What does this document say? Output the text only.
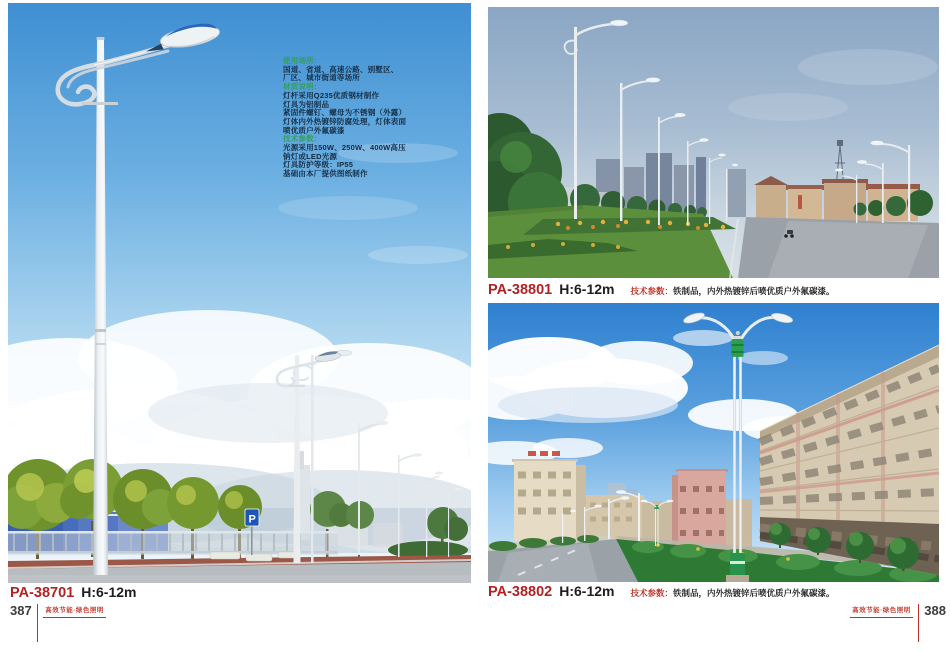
P
使用场所：
国道、省道、高速公路、别墅区、
厂区、城市街道等场所
材质说明：
灯杆采用Q235优质钢材制作
灯具为铝制品
紧固件螺钉、螺母为不锈钢（外露）
灯体内外热镀锌防腐处理，灯体表面
喷优质户外氟碳漆
技术参数：
光源采用150W、250W、400W高压
钠灯或LED光源
灯具防护等级：IP55
基础由本厂提供图纸制作
PA-38701 H:6-12m
387	高效节能·绿色照明
PA-38801 H:6-12m 技术参数：铁制品，内外热镀锌后喷优质户外氟碳漆。
PA-38802 H:6-12m 技术参数：铁制品，内外热镀锌后喷优质户外氟碳漆。
高效节能·绿色照明 388
